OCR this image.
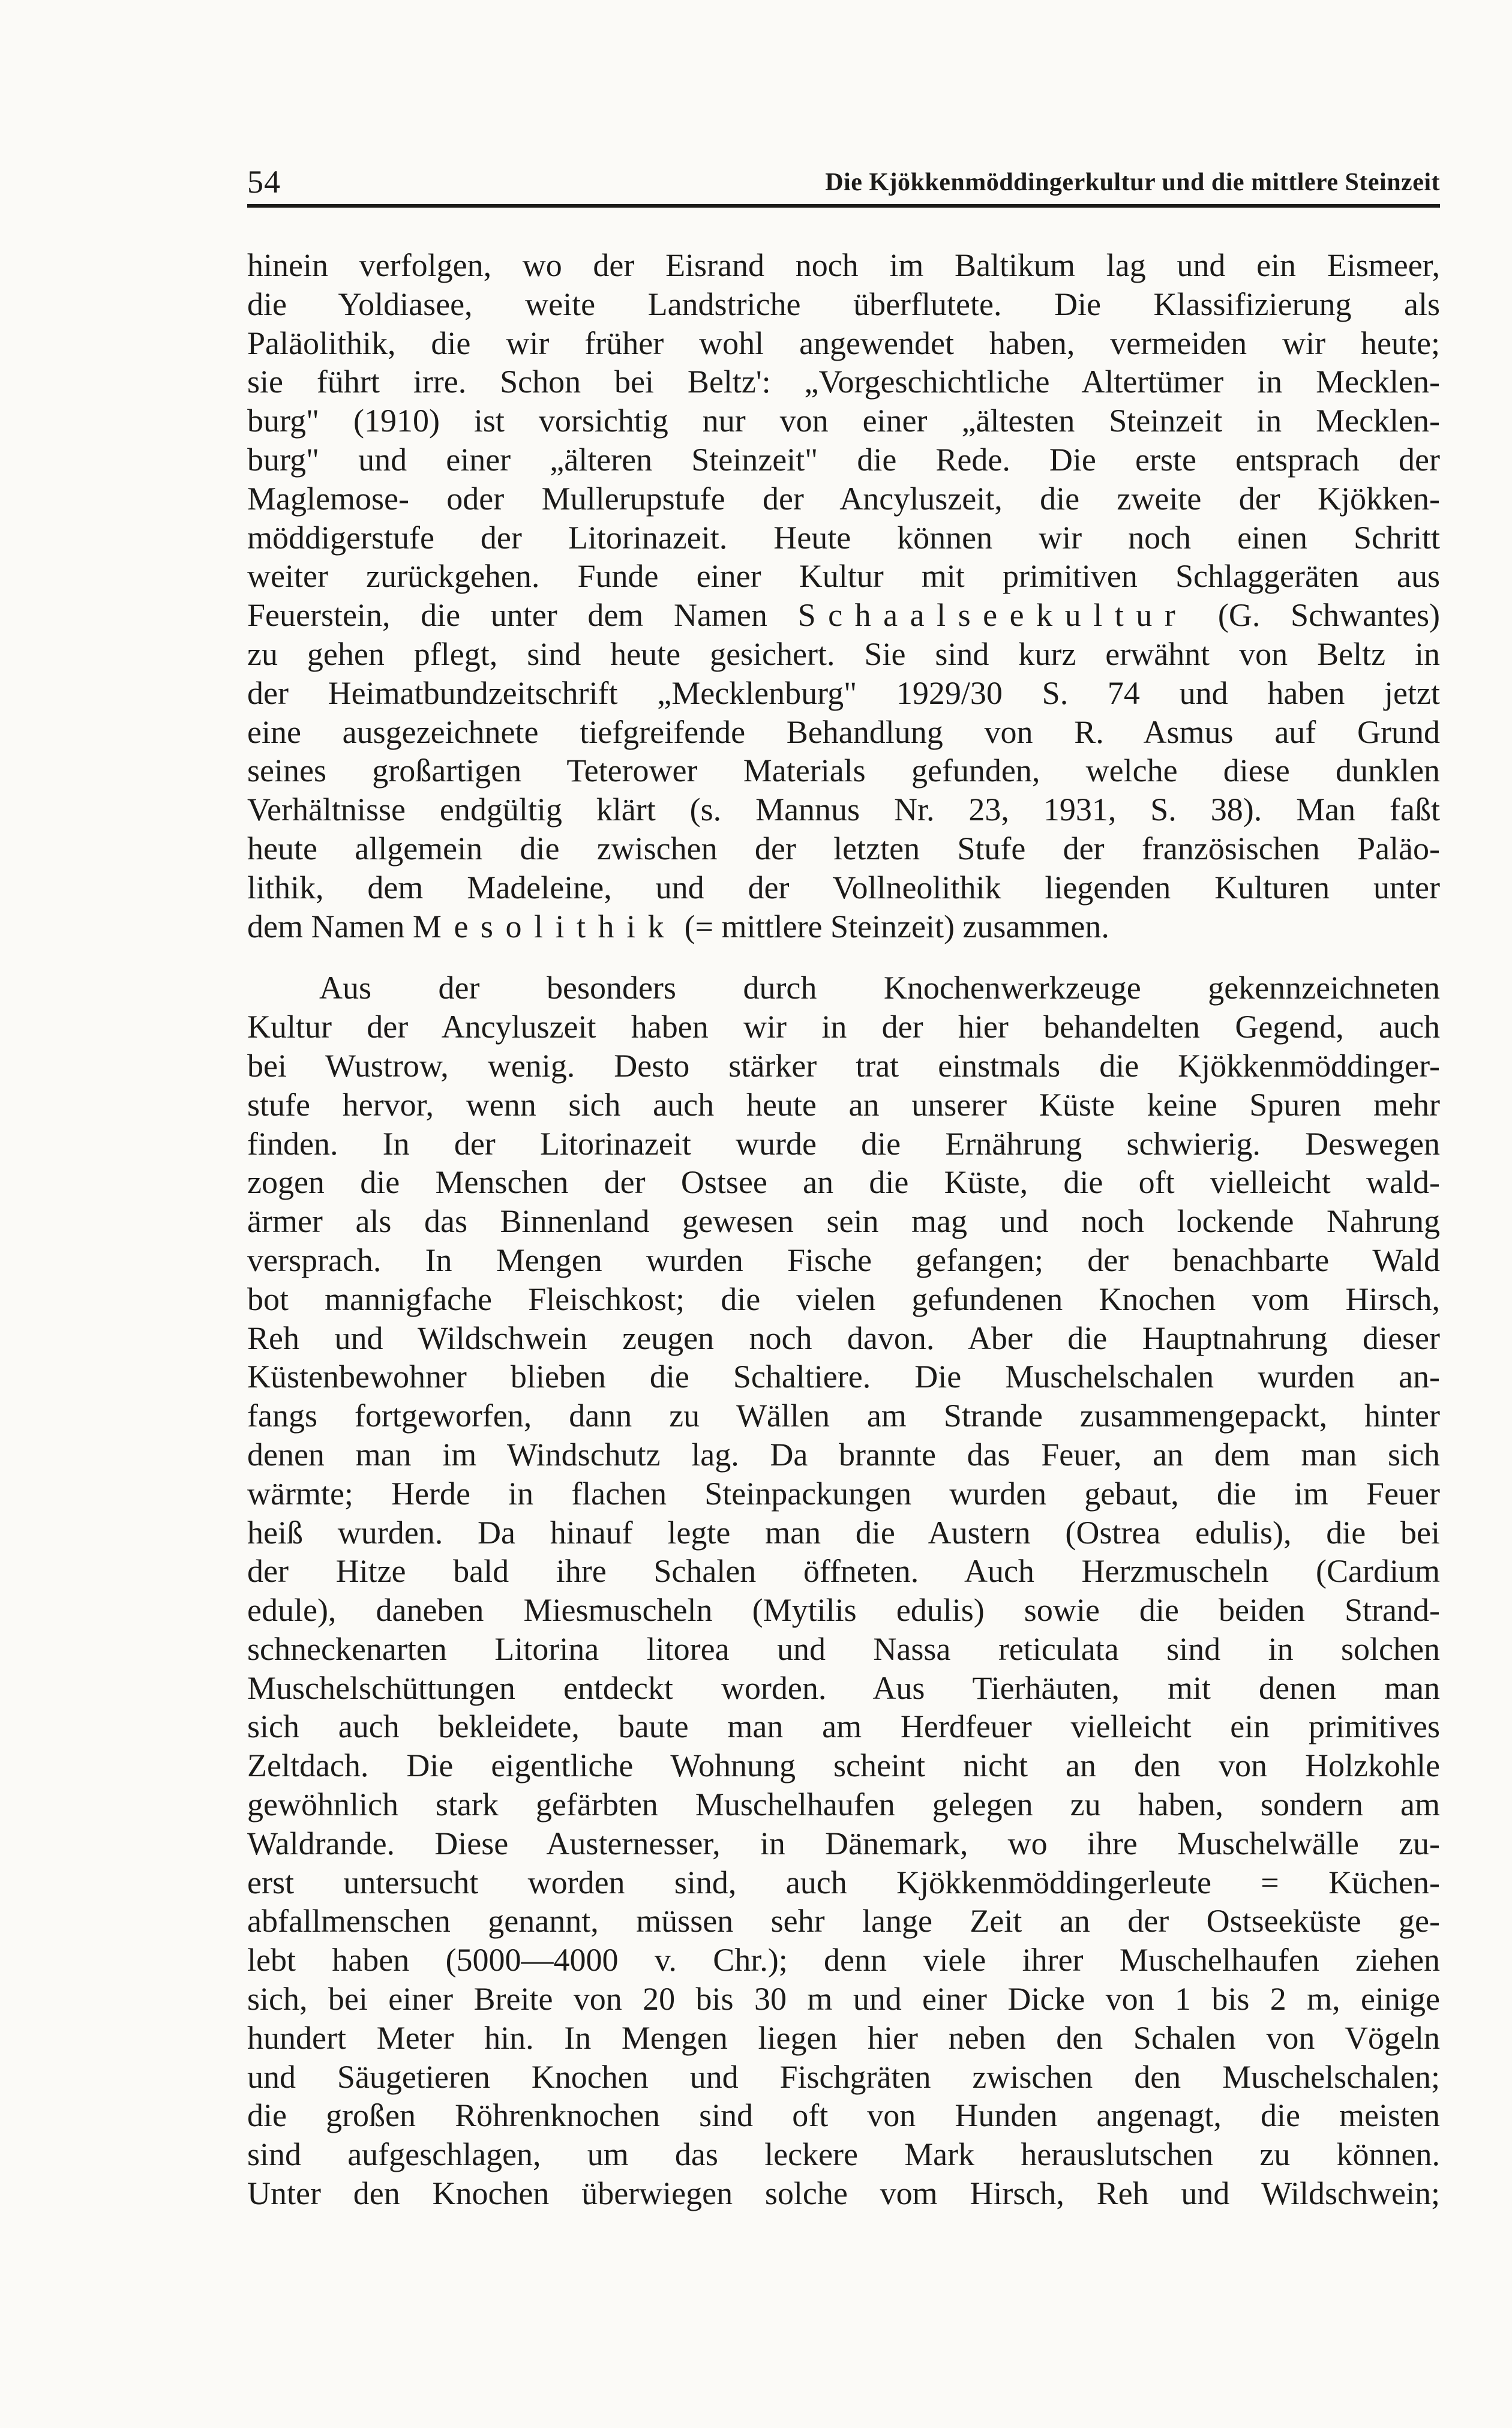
54	Die Kjökkenmöddingerkultur und die mittlere Steinzeit
hinein verfolgen, wo der Eisrand noch im Baltikum lag und ein Eismeer,
die Yoldiasee, weite Landstriche überflutete. Die Klassifizierung als
Paläolithik, die wir früher wohl angewendet haben, vermeiden wir heute;
sie führt irre. Schon bei Beltz': „Vorgeschichtliche Altertümer in Mecklen-
burg" (1910) ist vorsichtig nur von einer „ältesten Steinzeit in Mecklen-
burg" und einer „älteren Steinzeit" die Rede. Die erste entsprach der
Maglemose- oder Mullerupstufe der Ancyluszeit, die zweite der Kjökken-
möddigerstufe der Litorinazeit. Heute können wir noch einen Schritt
weiter zurückgehen. Funde einer Kultur mit primitiven Schlaggeräten aus
Feuerstein, die unter dem Namen Schaalseekultur (G. Schwantes)
zu gehen pflegt, sind heute gesichert. Sie sind kurz erwähnt von Beltz in
der Heimatbundzeitschrift „Mecklenburg" 1929/30 S. 74 und haben jetzt
eine ausgezeichnete tiefgreifende Behandlung von R. Asmus auf Grund
seines großartigen Teterower Materials gefunden, welche diese dunklen
Verhältnisse endgültig klärt (s. Mannus Nr. 23, 1931, S. 38). Man faßt
heute allgemein die zwischen der letzten Stufe der französischen Paläo-
lithik, dem Madeleine, und der Vollneolithik liegenden Kulturen unter
dem Namen Mesolithik (= mittlere Steinzeit) zusammen.
Aus der besonders durch Knochenwerkzeuge gekennzeichneten
Kultur der Ancyluszeit haben wir in der hier behandelten Gegend, auch
bei Wustrow, wenig. Desto stärker trat einstmals die Kjökkenmöddinger-
stufe hervor, wenn sich auch heute an unserer Küste keine Spuren mehr
finden. In der Litorinazeit wurde die Ernährung schwierig. Deswegen
zogen die Menschen der Ostsee an die Küste, die oft vielleicht wald-
ärmer als das Binnenland gewesen sein mag und noch lockende Nahrung
versprach. In Mengen wurden Fische gefangen; der benachbarte Wald
bot mannigfache Fleischkost; die vielen gefundenen Knochen vom Hirsch,
Reh und Wildschwein zeugen noch davon. Aber die Hauptnahrung dieser
Küstenbewohner blieben die Schaltiere. Die Muschelschalen wurden an-
fangs fortgeworfen, dann zu Wällen am Strande zusammengepackt, hinter
denen man im Windschutz lag. Da brannte das Feuer, an dem man sich
wärmte; Herde in flachen Steinpackungen wurden gebaut, die im Feuer
heiß wurden. Da hinauf legte man die Austern (Ostrea edulis), die bei
der Hitze bald ihre Schalen öffneten. Auch Herzmuscheln (Cardium
edule), daneben Miesmuscheln (Mytilis edulis) sowie die beiden Strand-
schneckenarten Litorina litorea und Nassa reticulata sind in solchen
Muschelschüttungen entdeckt worden. Aus Tierhäuten, mit denen man
sich auch bekleidete, baute man am Herdfeuer vielleicht ein primitives
Zeltdach. Die eigentliche Wohnung scheint nicht an den von Holzkohle
gewöhnlich stark gefärbten Muschelhaufen gelegen zu haben, sondern am
Waldrande. Diese Austernesser, in Dänemark, wo ihre Muschelwälle zu-
erst untersucht worden sind, auch Kjökkenmöddingerleute = Küchen-
abfallmenschen genannt, müssen sehr lange Zeit an der Ostseeküste ge-
lebt haben (5000—4000 v. Chr.); denn viele ihrer Muschelhaufen ziehen
sich, bei einer Breite von 20 bis 30 m und einer Dicke von 1 bis 2 m, einige
hundert Meter hin. In Mengen liegen hier neben den Schalen von Vögeln
und Säugetieren Knochen und Fischgräten zwischen den Muschelschalen;
die großen Röhrenknochen sind oft von Hunden angenagt, die meisten
sind aufgeschlagen, um das leckere Mark herauslutschen zu können.
Unter den Knochen überwiegen solche vom Hirsch, Reh und Wildschwein;
